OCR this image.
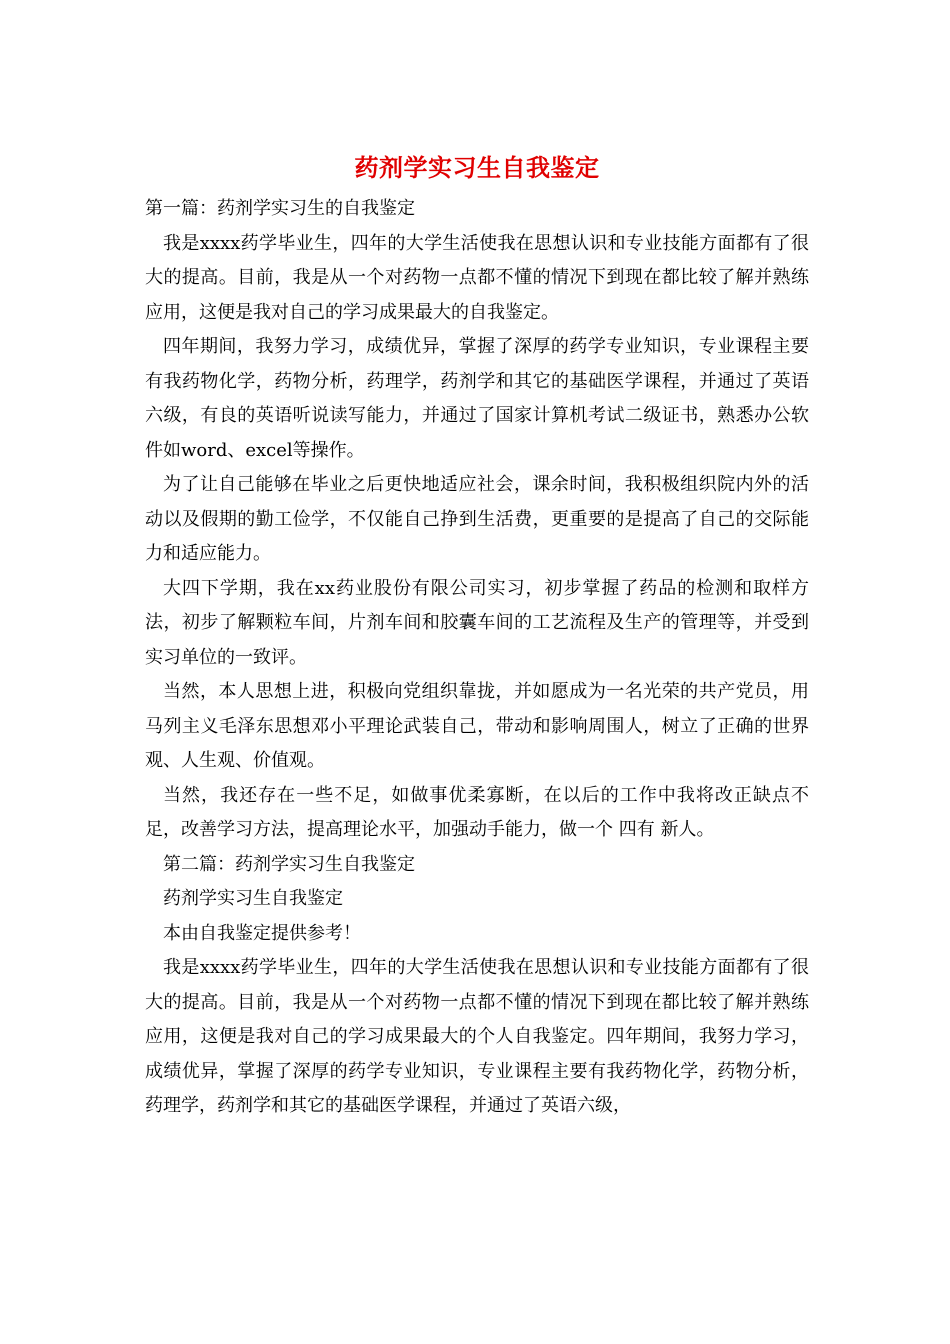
药剂学实习生自我鉴定

第一篇：药剂学实习生的自我鉴定

我是xxxx药学毕业生，四年的大学生活使我在思想认识和专业技能方面都有了很大的提高。目前，我是从一个对药物一点都不懂的情况下到现在都比较了解并熟练应用，这便是我对自己的学习成果最大的自我鉴定。

四年期间，我努力学习，成绩优异，掌握了深厚的药学专业知识，专业课程主要有我药物化学，药物分析，药理学，药剂学和其它的基础医学课程，并通过了英语六级，有良的英语听说读写能力，并通过了国家计算机考试二级证书，熟悉办公软件如word、excel等操作。

为了让自己能够在毕业之后更快地适应社会，课余时间，我积极组织院内外的活动以及假期的勤工俭学，不仅能自己挣到生活费，更重要的是提高了自己的交际能力和适应能力。

大四下学期，我在xx药业股份有限公司实习，初步掌握了药品的检测和取样方法，初步了解颗粒车间，片剂车间和胶囊车间的工艺流程及生产的管理等，并受到实习单位的一致评。

当然，本人思想上进，积极向党组织靠拢，并如愿成为一名光荣的共产党员，用马列主义毛泽东思想邓小平理论武装自己，带动和影响周围人，树立了正确的世界观、人生观、价值观。

当然，我还存在一些不足，如做事优柔寡断，在以后的工作中我将改正缺点不足，改善学习方法，提高理论水平，加强动手能力，做一个 四有 新人。

第二篇：药剂学实习生自我鉴定

药剂学实习生自我鉴定

本由自我鉴定提供参考！

我是xxxx药学毕业生，四年的大学生活使我在思想认识和专业技能方面都有了很大的提高。目前，我是从一个对药物一点都不懂的情况下到现在都比较了解并熟练应用，这便是我对自己的学习成果最大的个人自我鉴定。四年期间，我努力学习，成绩优异，掌握了深厚的药学专业知识，专业课程主要有我药物化学，药物分析，药理学，药剂学和其它的基础医学课程，并通过了英语六级，
